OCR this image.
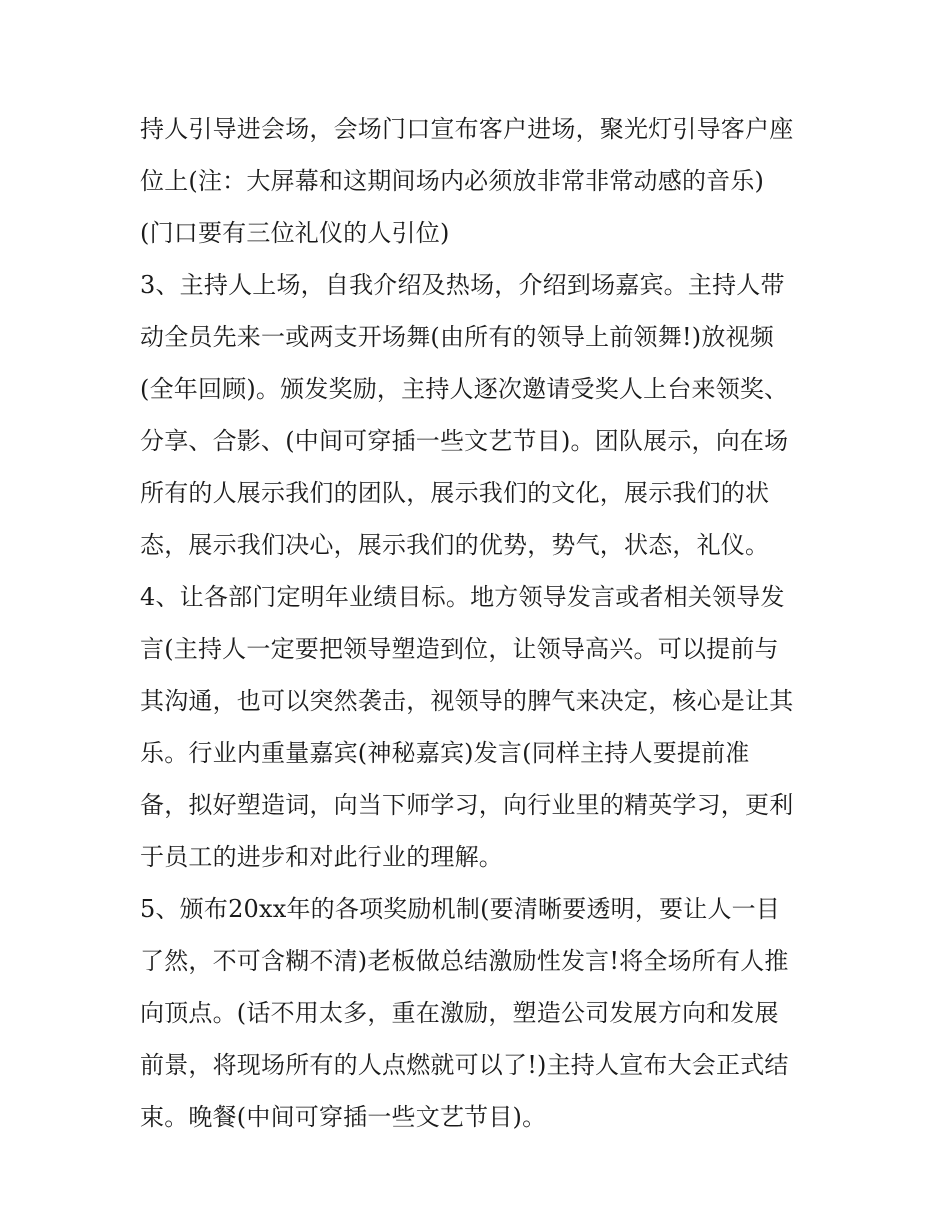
持人引导进会场，会场门口宣布客户进场，聚光灯引导客户座
位上(注：大屏幕和这期间场内必须放非常非常动感的音乐)
(门口要有三位礼仪的人引位)
3、主持人上场，自我介绍及热场，介绍到场嘉宾。主持人带
动全员先来一或两支开场舞(由所有的领导上前领舞!)放视频
(全年回顾)。颁发奖励，主持人逐次邀请受奖人上台来领奖、
分享、合影、(中间可穿插一些文艺节目)。团队展示，向在场
所有的人展示我们的团队，展示我们的文化，展示我们的状
态，展示我们决心，展示我们的优势，势气，状态，礼仪。
4、让各部门定明年业绩目标。地方领导发言或者相关领导发
言(主持人一定要把领导塑造到位，让领导高兴。可以提前与
其沟通，也可以突然袭击，视领导的脾气来决定，核心是让其
乐。行业内重量嘉宾(神秘嘉宾)发言(同样主持人要提前准
备，拟好塑造词，向当下师学习，向行业里的精英学习，更利
于员工的进步和对此行业的理解。
5、颁布20xx年的各项奖励机制(要清晰要透明，要让人一目
了然，不可含糊不清)老板做总结激励性发言!将全场所有人推
向顶点。(话不用太多，重在激励，塑造公司发展方向和发展
前景，将现场所有的人点燃就可以了!)主持人宣布大会正式结
束。晚餐(中间可穿插一些文艺节目)。
